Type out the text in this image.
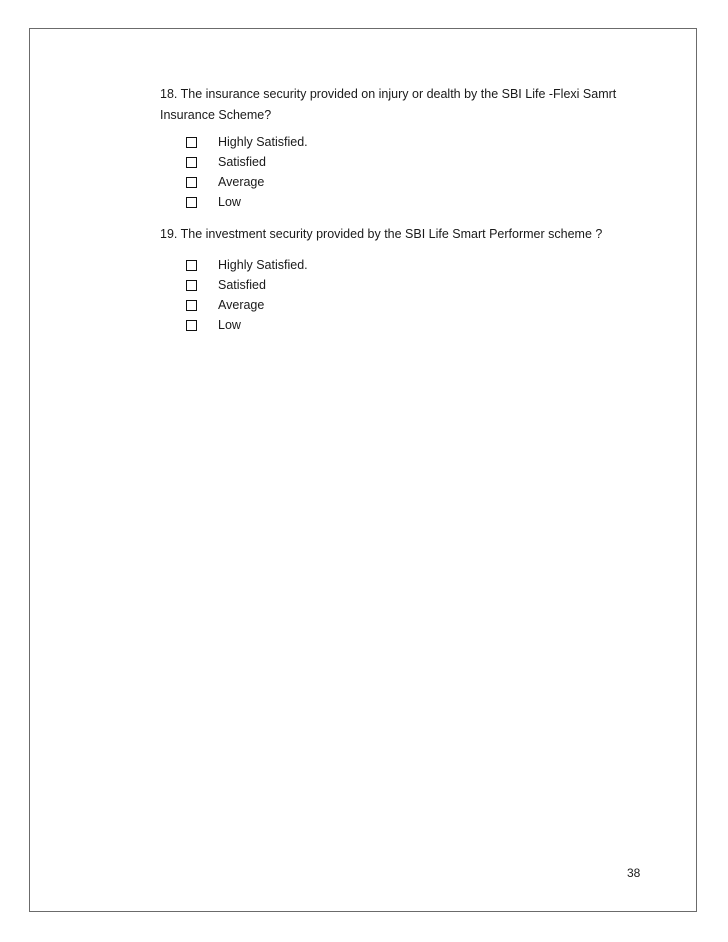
18. The insurance security provided on injury or dealth by the SBI Life -Flexi Samrt Insurance Scheme?

Highly Satisfied.
Satisfied
Average
Low

19. The investment security provided by the SBI Life Smart Performer scheme ?

Highly Satisfied.
Satisfied
Average
Low
38
